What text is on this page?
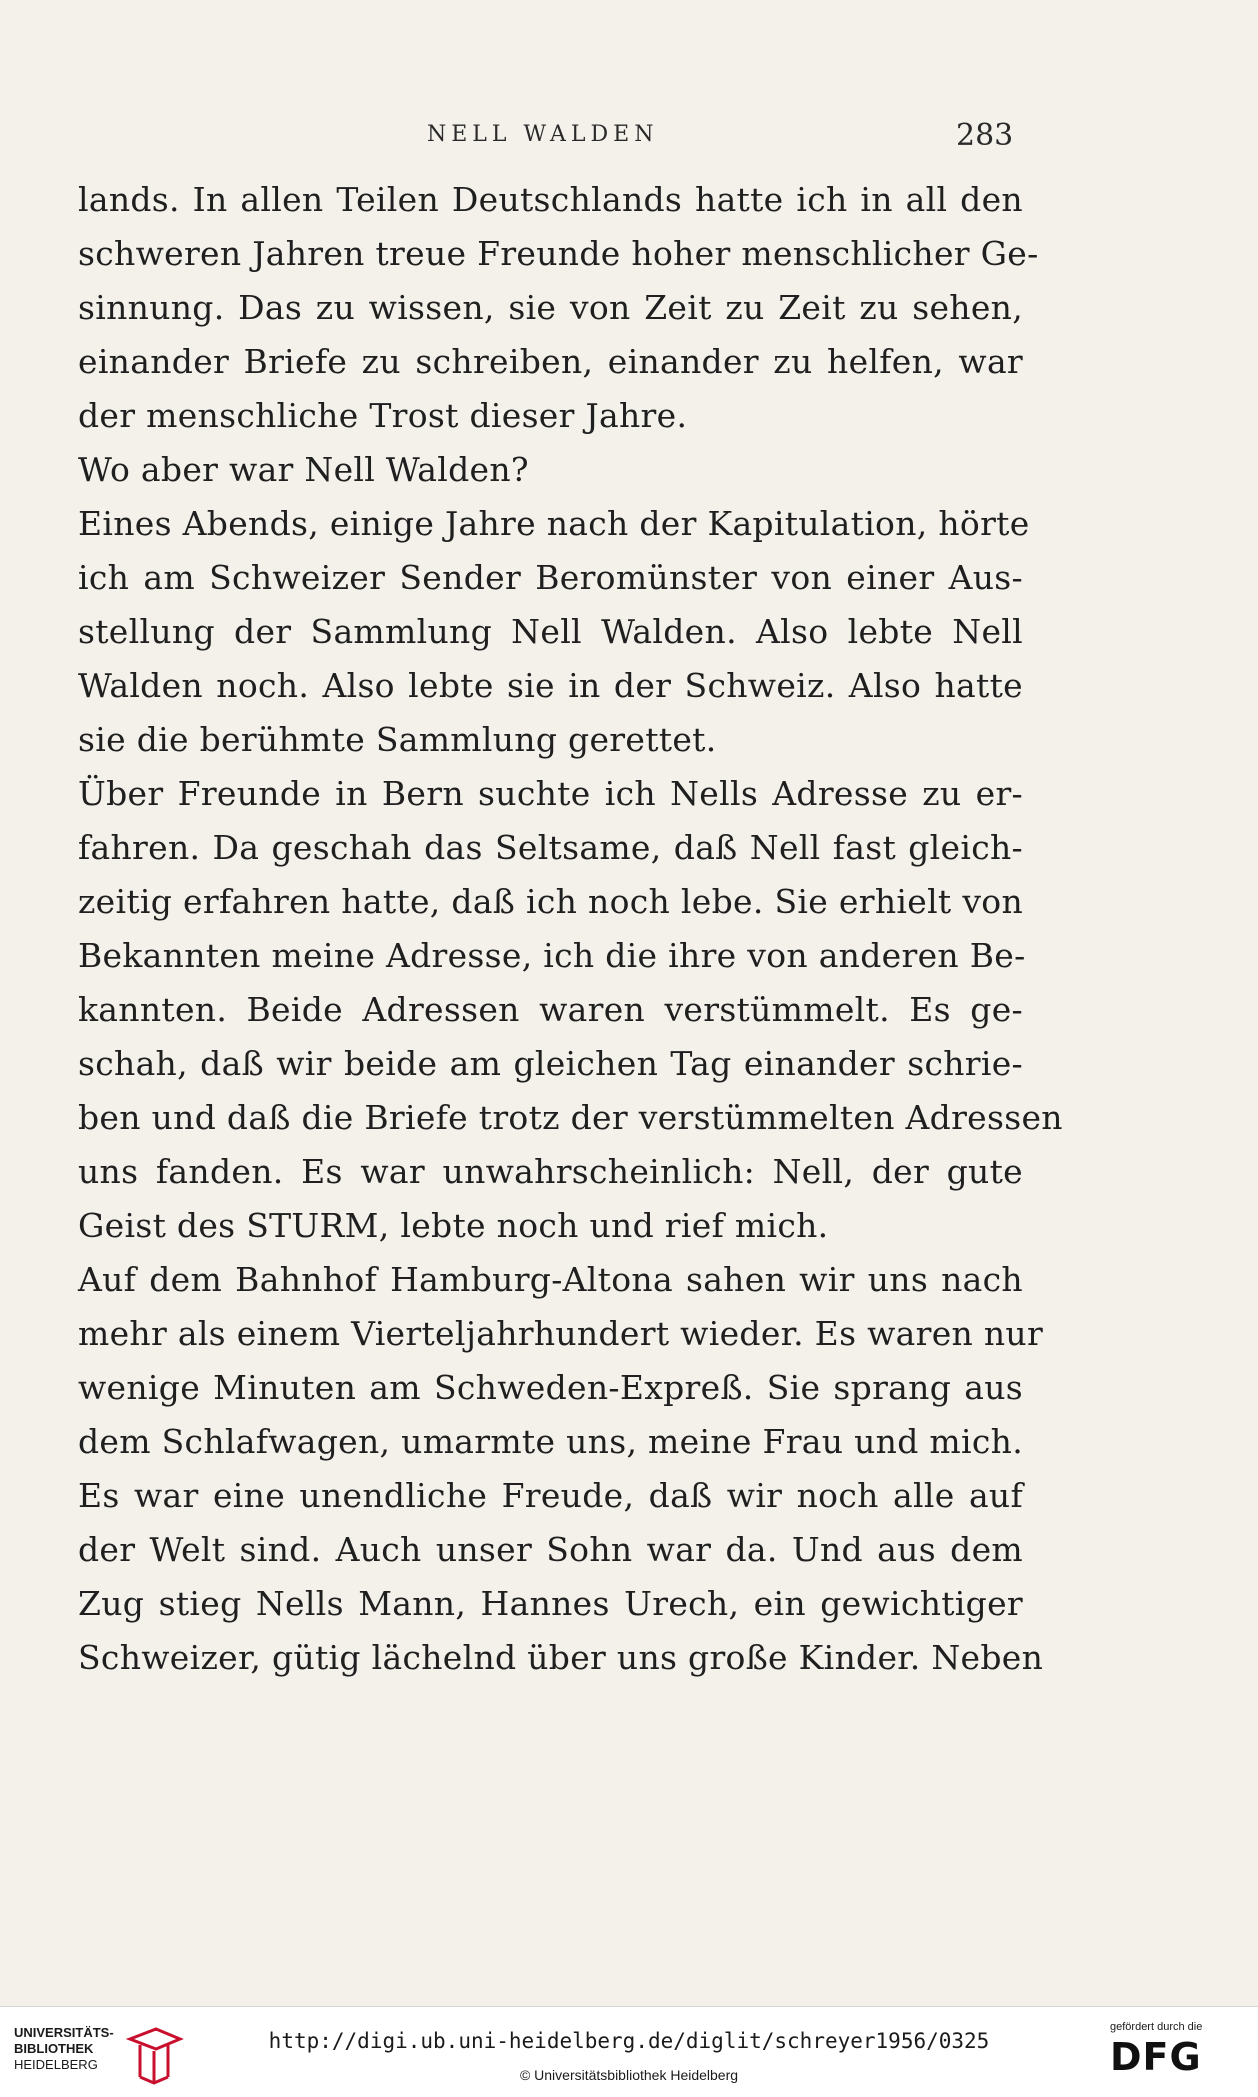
NELL WALDEN	283
lands. In allen Teilen Deutschlands hatte ich in all den
schweren Jahren treue Freunde hoher menschlicher Ge-
sinnung. Das zu wissen, sie von Zeit zu Zeit zu sehen,
einander Briefe zu schreiben, einander zu helfen, war
der menschliche Trost dieser Jahre.
Wo aber war Nell Walden?
Eines Abends, einige Jahre nach der Kapitulation, hörte
ich am Schweizer Sender Beromünster von einer Aus-
stellung der Sammlung Nell Walden. Also lebte Nell
Walden noch. Also lebte sie in der Schweiz. Also hatte
sie die berühmte Sammlung gerettet.
Über Freunde in Bern suchte ich Nells Adresse zu er-
fahren. Da geschah das Seltsame, daß Nell fast gleich-
zeitig erfahren hatte, daß ich noch lebe. Sie erhielt von
Bekannten meine Adresse, ich die ihre von anderen Be-
kannten. Beide Adressen waren verstümmelt. Es ge-
schah, daß wir beide am gleichen Tag einander schrie-
ben und daß die Briefe trotz der verstümmelten Adressen
uns fanden. Es war unwahrscheinlich: Nell, der gute
Geist des STURM, lebte noch und rief mich.
Auf dem Bahnhof Hamburg-Altona sahen wir uns nach
mehr als einem Vierteljahrhundert wieder. Es waren nur
wenige Minuten am Schweden-Expreß. Sie sprang aus
dem Schlafwagen, umarmte uns, meine Frau und mich.
Es war eine unendliche Freude, daß wir noch alle auf
der Welt sind. Auch unser Sohn war da. Und aus dem
Zug stieg Nells Mann, Hannes Urech, ein gewichtiger
Schweizer, gütig lächelnd über uns große Kinder. Neben
UNIVERSITÄTS-
BIBLIOTHEK
HEIDELBERG
http://digi.ub.uni-heidelberg.de/diglit/schreyer1956/0325
© Universitätsbibliothek Heidelberg
gefördert durch die
DFG
